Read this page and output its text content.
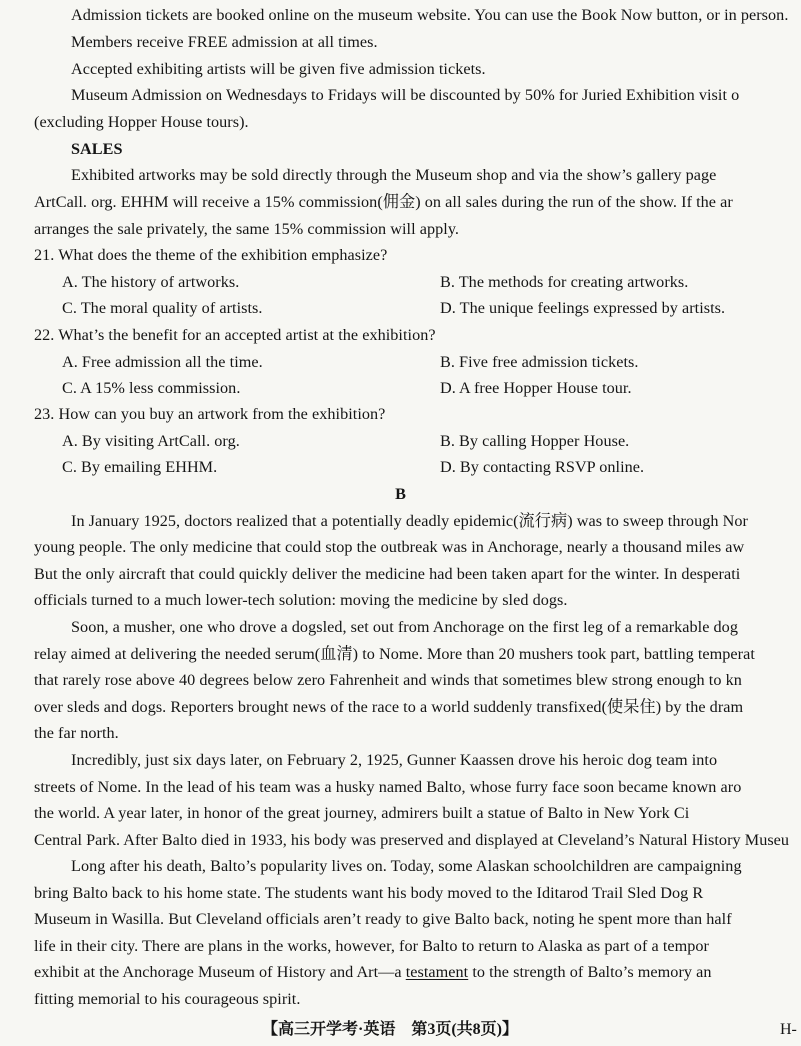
Admission tickets are booked online on the museum website. You can use the Book Now button, or in person.
Members receive FREE admission at all times.
Accepted exhibiting artists will be given five admission tickets.
Museum Admission on Wednesdays to Fridays will be discounted by 50% for Juried Exhibition visit o
(excluding Hopper House tours).
SALES
Exhibited artworks may be sold directly through the Museum shop and via the show’s gallery page
ArtCall. org. EHHM will receive a 15% commission(佣金) on all sales during the run of the show. If the ar
arranges the sale privately, the same 15% commission will apply.
21. What does the theme of the exhibition emphasize?
A. The history of artworks.	B. The methods for creating artworks.
C. The moral quality of artists.	D. The unique feelings expressed by artists.
22. What’s the benefit for an accepted artist at the exhibition?
A. Free admission all the time.	B. Five free admission tickets.
C. A 15% less commission.	D. A free Hopper House tour.
23. How can you buy an artwork from the exhibition?
A. By visiting ArtCall. org.	B. By calling Hopper House.
C. By emailing EHHM.	D. By contacting RSVP online.
B
In January 1925, doctors realized that a potentially deadly epidemic(流行病) was to sweep through Nor
young people. The only medicine that could stop the outbreak was in Anchorage, nearly a thousand miles aw
But the only aircraft that could quickly deliver the medicine had been taken apart for the winter. In desperati
officials turned to a much lower-tech solution: moving the medicine by sled dogs.
Soon, a musher, one who drove a dogsled, set out from Anchorage on the first leg of a remarkable dog
relay aimed at delivering the needed serum(血清) to Nome. More than 20 mushers took part, battling temperat
that rarely rose above 40 degrees below zero Fahrenheit and winds that sometimes blew strong enough to kn
over sleds and dogs. Reporters brought news of the race to a world suddenly transfixed(使呆住) by the dram
the far north.
Incredibly, just six days later, on February 2, 1925, Gunner Kaassen drove his heroic dog team into
streets of Nome. In the lead of his team was a husky named Balto, whose furry face soon became known aro
the world. A year later, in honor of the great journey, admirers built a statue of Balto in New York Ci
Central Park. After Balto died in 1933, his body was preserved and displayed at Cleveland’s Natural History Museu
Long after his death, Balto’s popularity lives on. Today, some Alaskan schoolchildren are campaigning
bring Balto back to his home state. The students want his body moved to the Iditarod Trail Sled Dog R
Museum in Wasilla. But Cleveland officials aren’t ready to give Balto back, noting he spent more than half
life in their city. There are plans in the works, however, for Balto to return to Alaska as part of a tempor
exhibit at the Anchorage Museum of History and Art—a testament to the strength of Balto’s memory an
fitting memorial to his courageous spirit.
【高三开学考·英语　第3页(共8页)】	H-
